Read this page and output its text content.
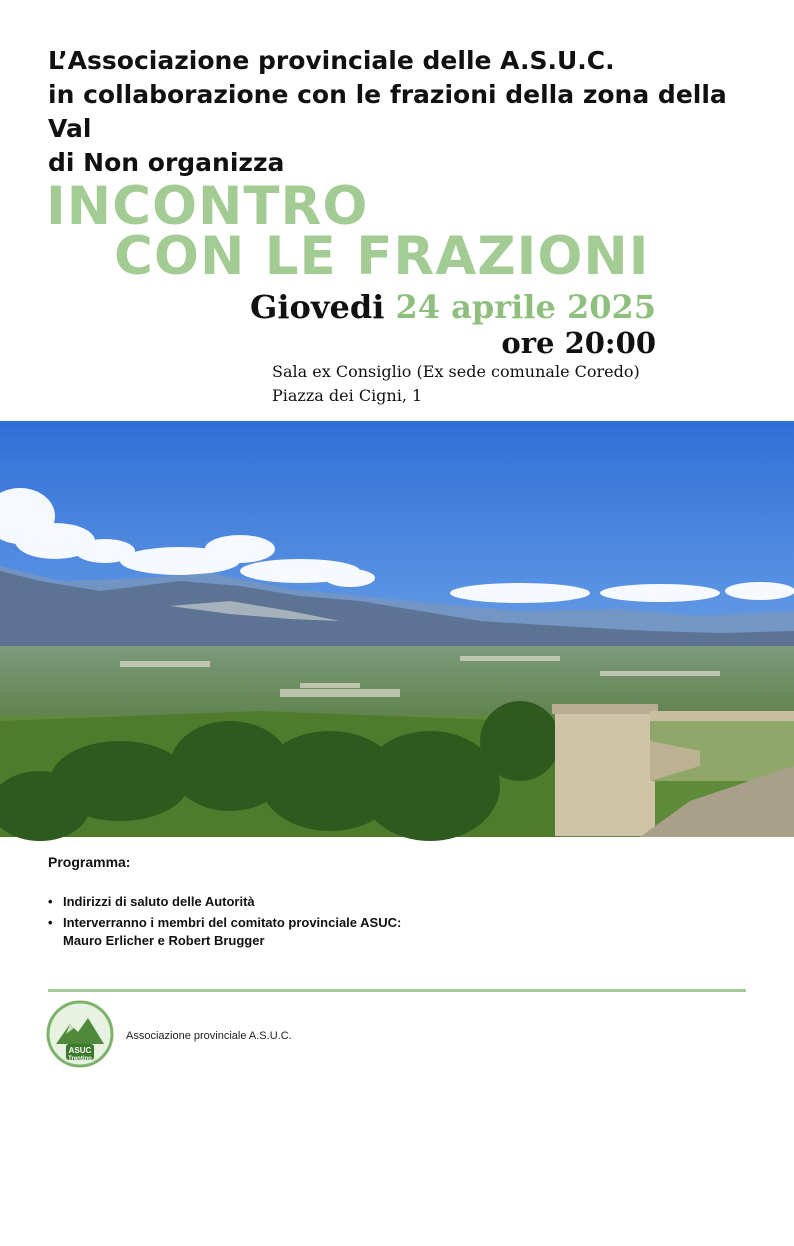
L’Associazione provinciale delle A.S.U.C.
in collaborazione con le frazioni della zona della Val
di Non organizza
INCONTRO
CON LE FRAZIONI
Giovedi 24 aprile 2025
ore 20:00
Sala ex Consiglio (Ex sede comunale Coredo)
Piazza dei Cigni, 1
Creative Commons Attribution-Share Alike 4.0 International
Programma:
• Indirizzi di saluto delle Autorità
• Interverranno i membri del comitato provinciale ASUC:
Mauro Erlicher e Robert Brugger
ASUC
Trentino
Associazione provinciale A.S.U.C.
